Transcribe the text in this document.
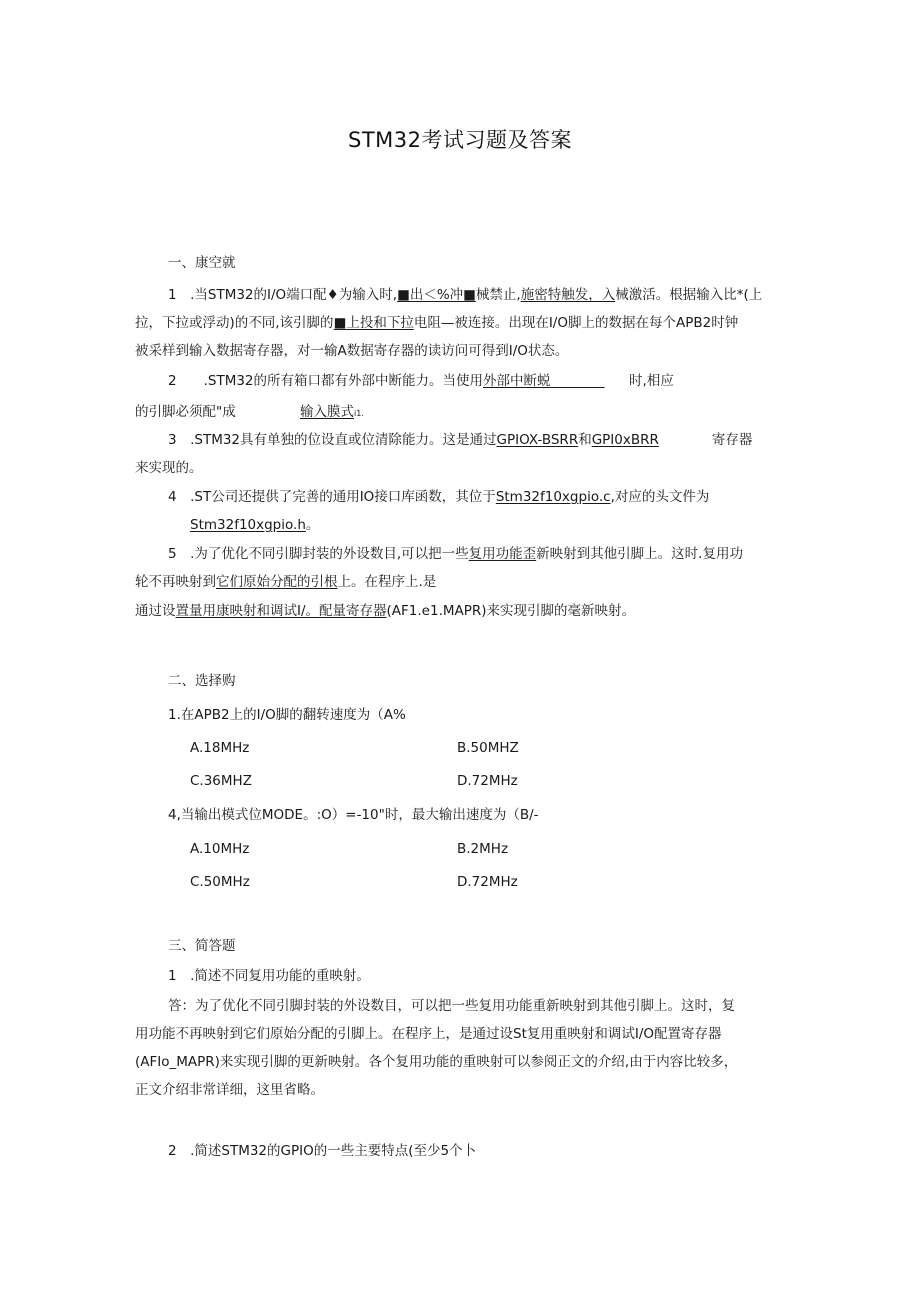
STM32考试习题及答案
一、康空就
1　.当STM32的I/O端口配♦为输入时,■出＜%冲■械禁止,施密特触发，入械激活。根据输入比*(上
拉，下拉或浮动)的不同,该引脚的■上投和下拉电阻—被连接。出现在I/O脚上的数据在每个APB2时钟
被采样到输入数据寄存器，对一输A数据寄存器的读访问可得到I/O状态。
2　　.STM32的所有箱口都有外部中断能力。当使用外部中断蜕　　　　时,相应
的引脚必须配"成	输入膜式i1.
3　.STM32具有单独的位设直或位清除能力。这是通过GPIOX-BSRR和GPI0xBRR	寄存器
来实现的。
4　.ST公司还提供了完善的通用IO接口库函数，其位于Stm32f10xgpio.c,对应的头文件为
Stm32f10xgpio.h。
5　.为了优化不同引脚封装的外设数目,可以把一些复用功能歪新映射到其他引脚上。这时.复用功
轮不再映射到它们原始分配的引根上。在程序上.是
通过设置量用康映射和调试I/。配量寄存器(AF1.e1.MAPR)来实现引脚的毫新映射。
二、选择购
1.在APB2上的I/O脚的翻转速度为（A%
A.18MHz	B.50MHZ
C.36MHZ	D.72MHz
4,当输出模式位MODE。:O）=-10"时，最大输出速度为（B∕-
A.10MHz	B.2MHz
C.50MHz	D.72MHz
三、简答题
1　.简述不同复用功能的重映射。
答：为了优化不同引脚封装的外设数目，可以把一些复用功能重新映射到其他引脚上。这时，复
用功能不再映射到它们原始分配的引脚上。在程序上，是通过设St复用重映射和调试I/O配置寄存器
(AFIo_MAPR)来实现引脚的更新映射。各个复用功能的重映射可以参阅正文的介绍,由于内容比较多，
正文介绍非常详细，这里省略。
2　.简述STM32的GPIO的一些主要特点(至少5个卜
